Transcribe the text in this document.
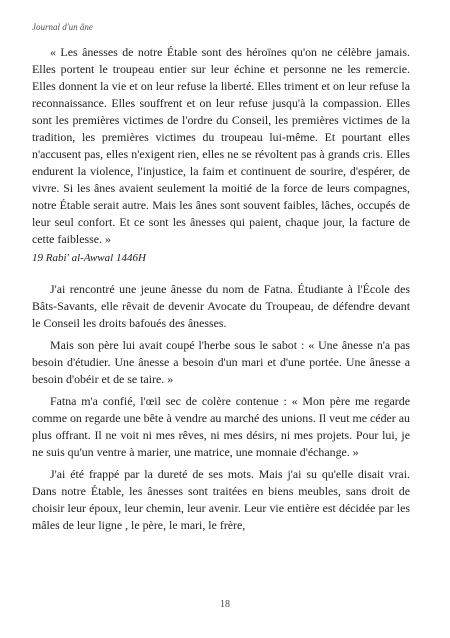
Journal d'un âne

« Les ânesses de notre Étable sont des héroïnes qu'on ne célèbre jamais. Elles portent le troupeau entier sur leur échine et personne ne les remercie. Elles donnent la vie et on leur refuse la liberté. Elles triment et on leur refuse la reconnaissance. Elles souffrent et on leur refuse jusqu'à la compassion. Elles sont les premières victimes de l'ordre du Conseil, les premières victimes de la tradition, les premières victimes du troupeau lui-même. Et pourtant elles n'accusent pas, elles n'exigent rien, elles ne se révoltent pas à grands cris. Elles endurent la violence, l'injustice, la faim et continuent de sourire, d'espérer, de vivre. Si les ânes avaient seulement la moitié de la force de leurs compagnes, notre Étable serait autre. Mais les ânes sont souvent faibles, lâches, occupés de leur seul confort. Et ce sont les ânesses qui paient, chaque jour, la facture de cette faiblesse. »

19 Rabi' al-Awwal 1446H

J'ai rencontré une jeune ânesse du nom de Fatna. Étudiante à l'École des Bâts-Savants, elle rêvait de devenir Avocate du Troupeau, de défendre devant le Conseil les droits bafoués des ânesses.

Mais son père lui avait coupé l'herbe sous le sabot : « Une ânesse n'a pas besoin d'étudier. Une ânesse a besoin d'un mari et d'une portée. Une ânesse a besoin d'obéir et de se taire. »

Fatna m'a confié, l'œil sec de colère contenue : « Mon père me regarde comme on regarde une bête à vendre au marché des unions. Il veut me céder au plus offrant. Il ne voit ni mes rêves, ni mes désirs, ni mes projets. Pour lui, je ne suis qu'un ventre à marier, une matrice, une monnaie d'échange. »

J'ai été frappé par la dureté de ses mots. Mais j'ai su qu'elle disait vrai. Dans notre Étable, les ânesses sont traitées en biens meubles, sans droit de choisir leur époux, leur chemin, leur avenir. Leur vie entière est décidée par les mâles de leur ligne , le père, le mari, le frère,

18
